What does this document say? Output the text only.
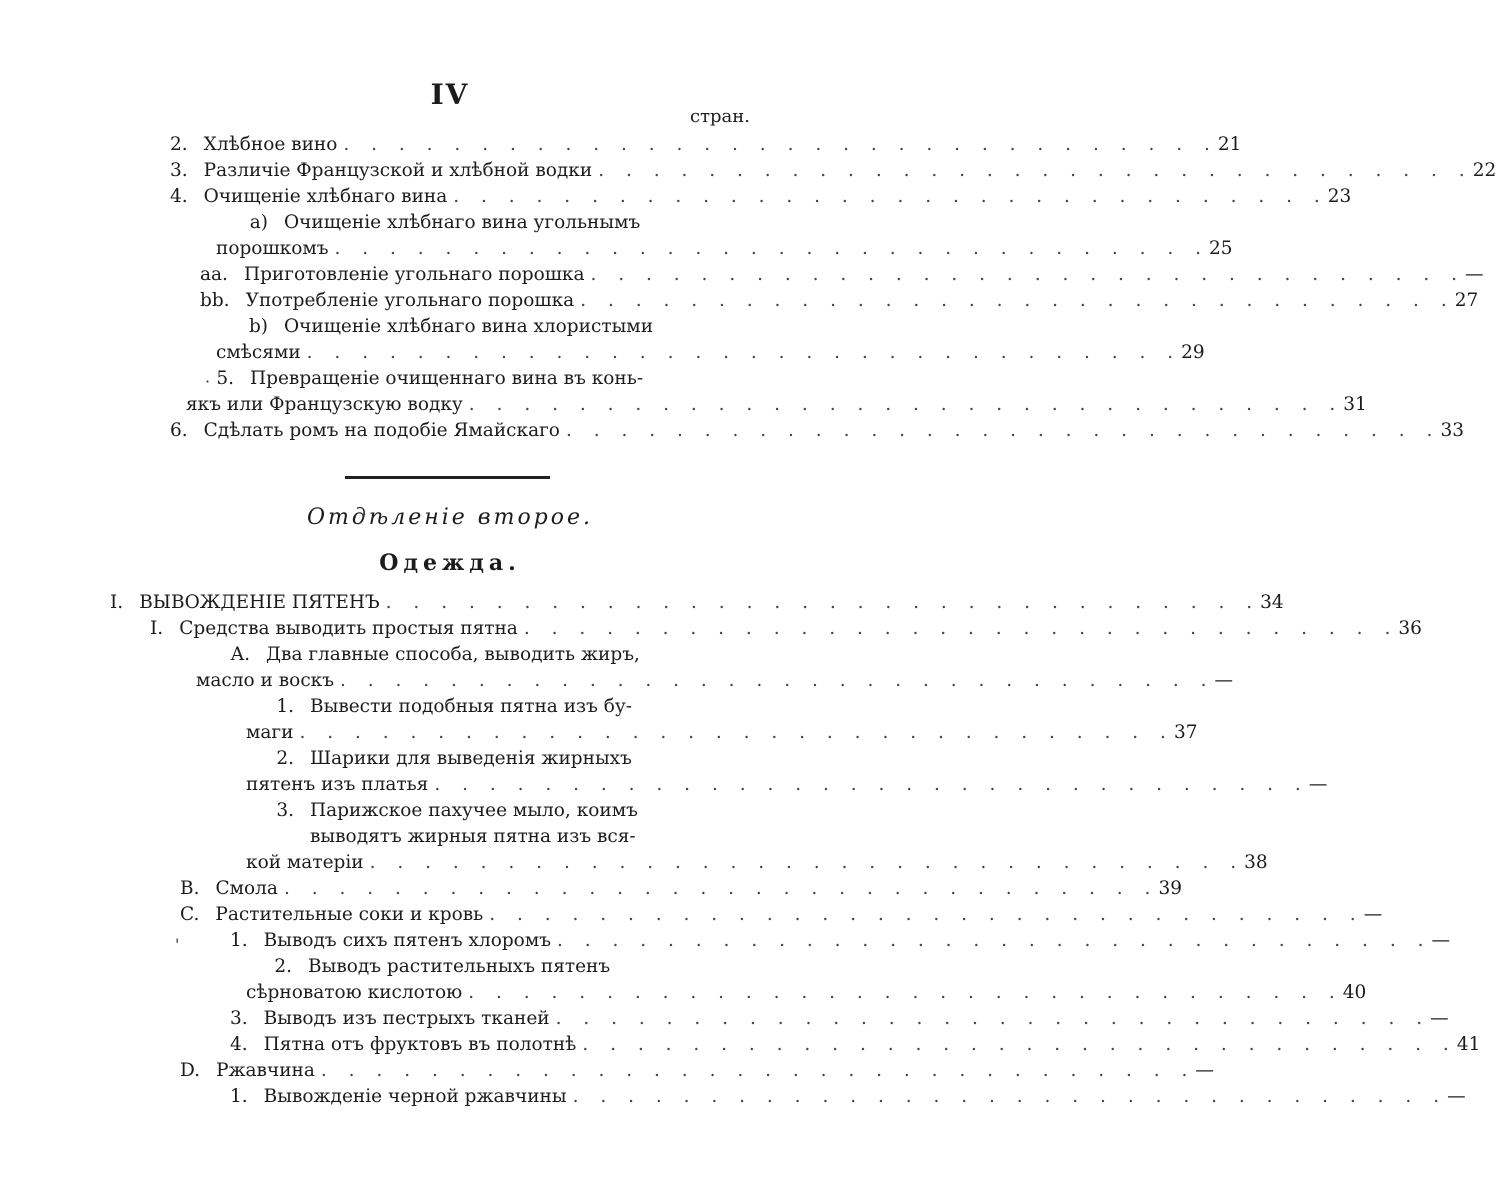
IV
стран.
2. Хлѣбное вино . . . . . . . . . . . . . . . . . . . . . . . . . . . . . . . . 21
3. Различіе Французской и хлѣбной водки . . . . . . . . . . . . . . . . . . . . . . . . . . . . . . . . 22
4. Очищеніе хлѣбнаго вина . . . . . . . . . . . . . . . . . . . . . . . . . . . . . . . . 23
a) Очищеніе хлѣбнаго вина угольнымъ
порошкомъ . . . . . . . . . . . . . . . . . . . . . . . . . . . . . . . . 25
aa. Приготовленіе угольнаго порошка . . . . . . . . . . . . . . . . . . . . . . . . . . . . . . . . —
bb. Употребленіе угольнаго порошка . . . . . . . . . . . . . . . . . . . . . . . . . . . . . . . . 27
b) Очищеніе хлѣбнаго вина хлористыми
смѣсями . . . . . . . . . . . . . . . . . . . . . . . . . . . . . . . . 29
5. Превращеніе очищеннаго вина въ конь-
якъ или Французскую водку . . . . . . . . . . . . . . . . . . . . . . . . . . . . . . . . 31
6. Сдѣлать ромъ на подобіе Ямайскаго . . . . . . . . . . . . . . . . . . . . . . . . . . . . . . . . 33
Отдѣленіе второе.
Одежда.
I. ВЫВОЖДЕНІЕ ПЯТЕНЪ . . . . . . . . . . . . . . . . . . . . . . . . . . . . . . . . 34
I. Средства выводить простыя пятна . . . . . . . . . . . . . . . . . . . . . . . . . . . . . . . . 36
A. Два главные способа, выводить жиръ,
масло и воскъ . . . . . . . . . . . . . . . . . . . . . . . . . . . . . . . . —
1. Вывести подобныя пятна изъ бу-
маги . . . . . . . . . . . . . . . . . . . . . . . . . . . . . . . . 37
2. Шарики для выведенія жирныхъ
пятенъ изъ платья . . . . . . . . . . . . . . . . . . . . . . . . . . . . . . . . —
3. Парижское пахучее мыло, коимъ
выводятъ жирныя пятна изъ вся-
кой матеріи . . . . . . . . . . . . . . . . . . . . . . . . . . . . . . . . 38
B. Смола . . . . . . . . . . . . . . . . . . . . . . . . . . . . . . . . 39
C. Растительные соки и кровь . . . . . . . . . . . . . . . . . . . . . . . . . . . . . . . . —
1. Выводъ сихъ пятенъ хлоромъ . . . . . . . . . . . . . . . . . . . . . . . . . . . . . . . . —
2. Выводъ растительныхъ пятенъ
сѣрноватою кислотою . . . . . . . . . . . . . . . . . . . . . . . . . . . . . . . . 40
3. Выводъ изъ пестрыхъ тканей . . . . . . . . . . . . . . . . . . . . . . . . . . . . . . . . —
4. Пятна отъ фруктовъ въ полотнѣ . . . . . . . . . . . . . . . . . . . . . . . . . . . . . . . . 41
D. Ржавчина . . . . . . . . . . . . . . . . . . . . . . . . . . . . . . . . —
1. Вывожденіе черной ржавчины . . . . . . . . . . . . . . . . . . . . . . . . . . . . . . . . —
·
'
